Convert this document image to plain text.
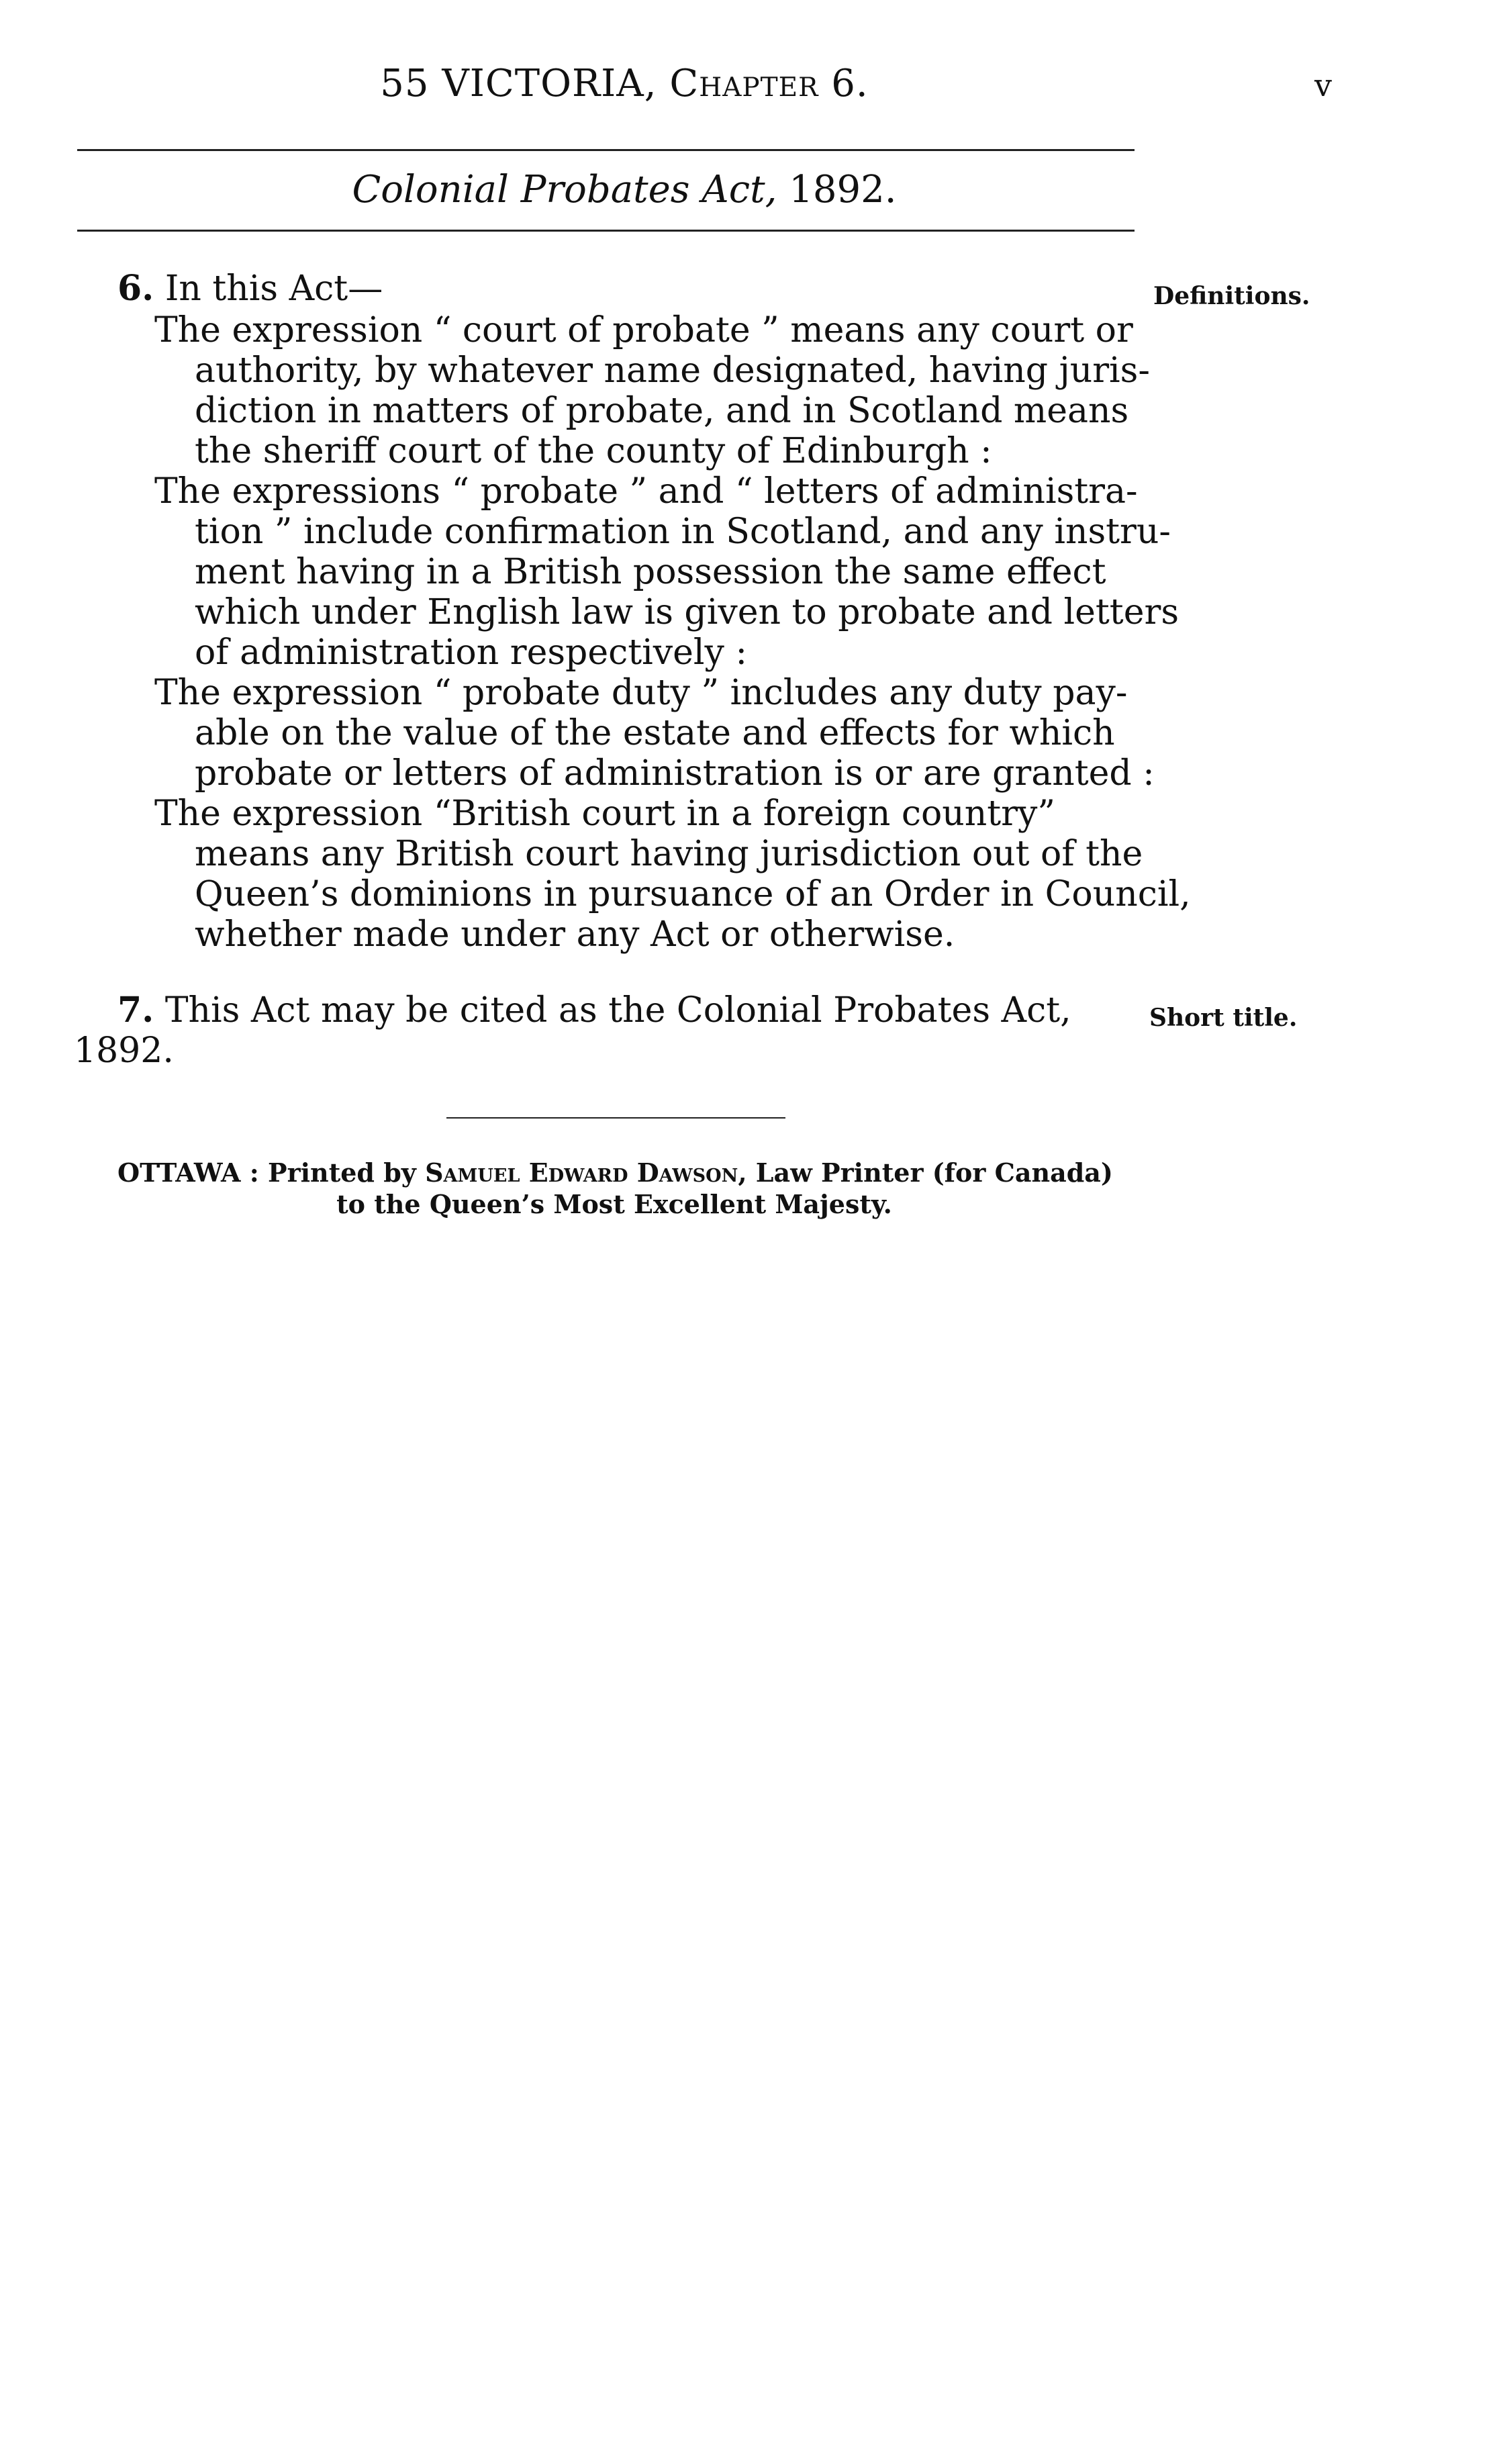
55 VICTORIA, Chapter 6.	v
Colonial Probates Act, 1892.
6. In this Act—	Definitions.
The expression “ court of probate ” means any court or
authority, by whatever name designated, having juris-
diction in matters of probate, and in Scotland means
the sheriff court of the county of Edinburgh :
The expressions “ probate ” and “ letters of administra-
tion ” include confirmation in Scotland, and any instru-
ment having in a British possession the same effect
which under English law is given to probate and letters
of administration respectively :
The expression “ probate duty ” includes any duty pay-
able on the value of the estate and effects for which
probate or letters of administration is or are granted :
The expression “British court in a foreign country”
means any British court having jurisdiction out of the
Queen’s dominions in pursuance of an Order in Council,
whether made under any Act or otherwise.
7. This Act may be cited as the Colonial Probates Act,
1892.
Short title.
OTTAWA : Printed by Samuel Edward Dawson, Law Printer (for Canada)
to the Queen’s Most Excellent Majesty.
